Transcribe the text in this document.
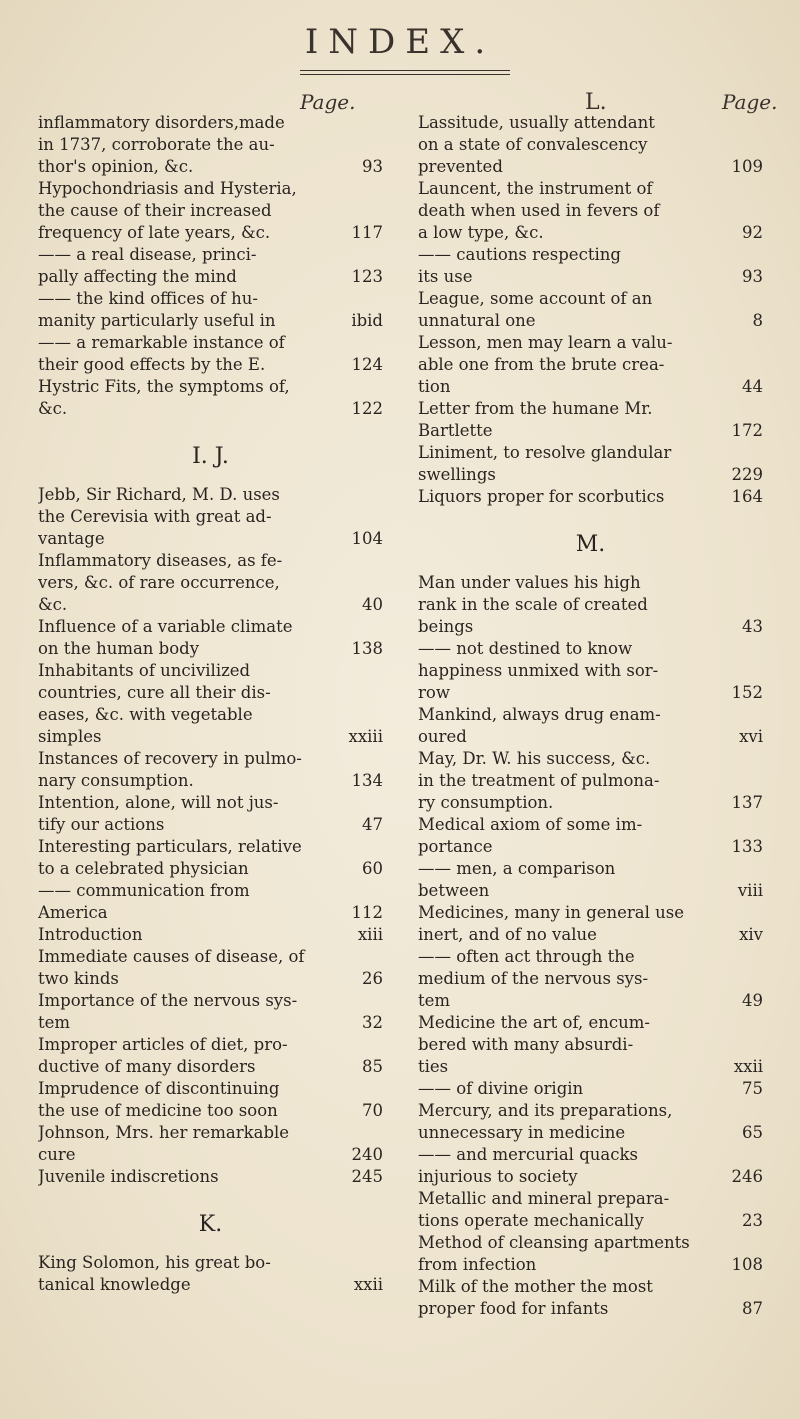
INDEX.
Page.	Page.
L.
inflammatory disorders,made
in 1737, corroborate the au-
thor's opinion, &c.	93
Hypochondriasis and Hysteria,
the cause of their increased
frequency of late years, &c.	117
—— a real disease, princi-
pally affecting the mind	123
—— the kind offices of hu-
manity particularly useful in	ibid
—— a remarkable instance of
their good effects by the E.	124
Hystric Fits, the symptoms of,
&c.	122
I. J.
Jebb, Sir Richard, M. D. uses
the Cerevisia with great ad-
vantage	104
Inflammatory diseases, as fe-
vers, &c. of rare occurrence,
&c.	40
Influence of a variable climate
on the human body	138
Inhabitants of uncivilized
countries, cure all their dis-
eases, &c. with vegetable
simples	xxiii
Instances of recovery in pulmo-
nary consumption.	134
Intention, alone, will not jus-
tify our actions	47
Interesting particulars, relative
to a celebrated physician	60
—— communication from
America	112
Introduction	xiii
Immediate causes of disease, of
two kinds	26
Importance of the nervous sys-
tem	32
Improper articles of diet, pro-
ductive of many disorders	85
Imprudence of discontinuing
the use of medicine too soon	70
Johnson, Mrs. her remarkable
cure	240
Juvenile indiscretions	245
K.
King Solomon, his great bo-
tanical knowledge	xxii
Lassitude, usually attendant
on a state of convalescency
prevented	109
Launcent, the instrument of
death when used in fevers of
a low type, &c.	92
—— cautions respecting
its use	93
League, some account of an
unnatural one	8
Lesson, men may learn a valu-
able one from the brute crea-
tion	44
Letter from the humane Mr.
Bartlette	172
Liniment, to resolve glandular
swellings	229
Liquors proper for scorbutics	164
M.
Man under values his high
rank in the scale of created
beings	43
—— not destined to know
happiness unmixed with sor-
row	152
Mankind, always drug enam-
oured	xvi
May, Dr. W. his success, &c.
in the treatment of pulmona-
ry consumption.	137
Medical axiom of some im-
portance	133
—— men, a comparison
between	viii
Medicines, many in general use
inert, and of no value	xiv
—— often act through the
medium of the nervous sys-
tem	49
Medicine the art of, encum-
bered with many absurdi-
ties	xxii
—— of divine origin	75
Mercury, and its preparations,
unnecessary in medicine	65
—— and mercurial quacks
injurious to society	246
Metallic and mineral prepara-
tions operate mechanically	23
Method of cleansing apartments
from infection	108
Milk of the mother the most
proper food for infants	87
